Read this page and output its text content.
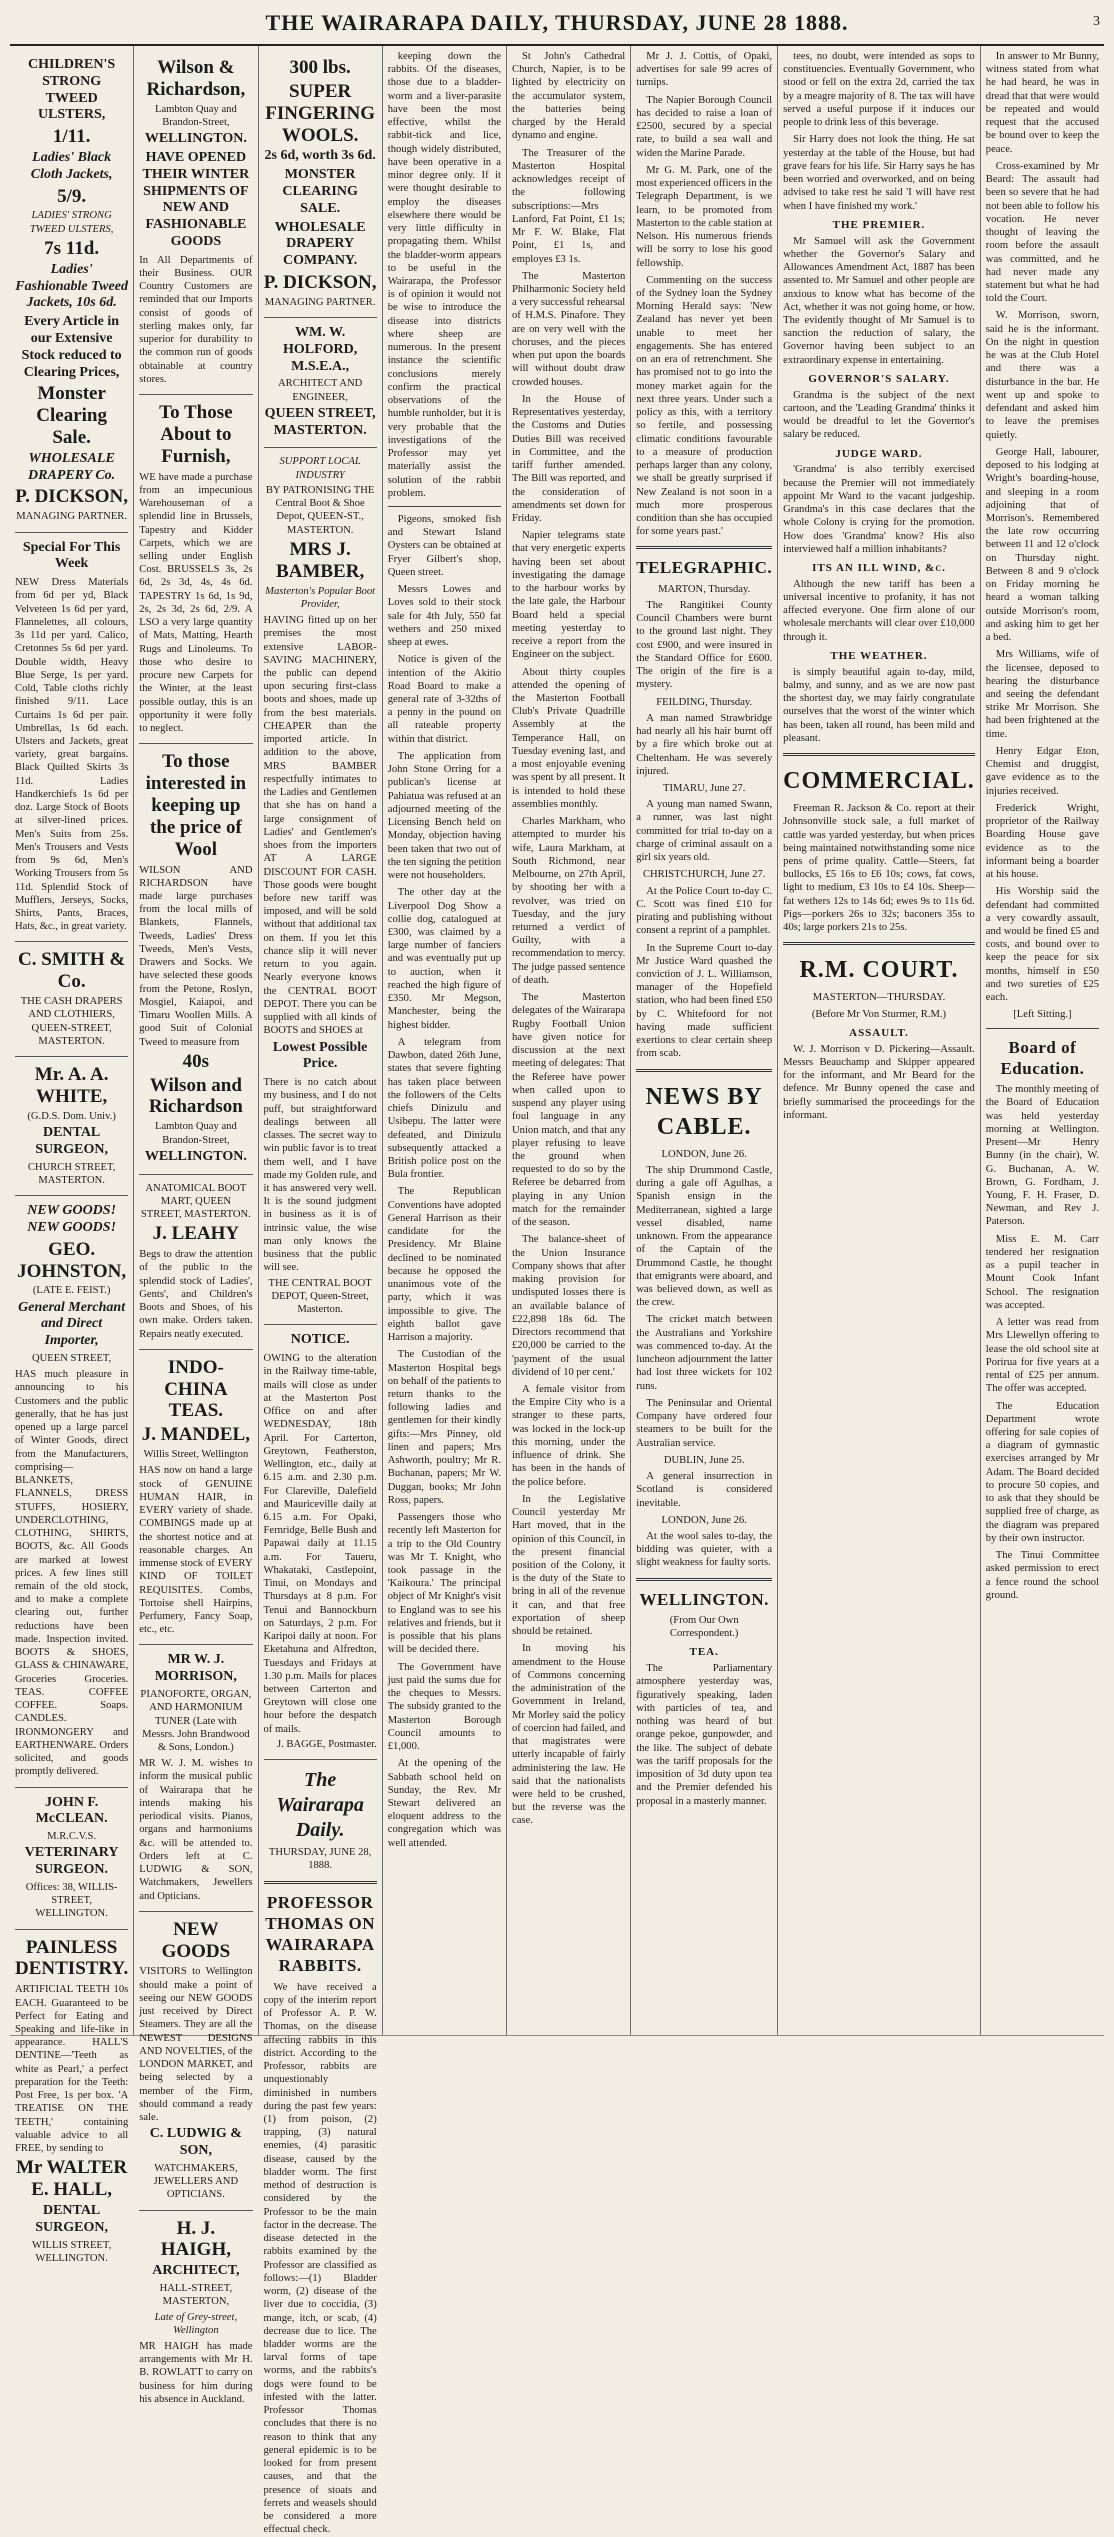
THE WAIRARAPA DAILY, THURSDAY, JUNE 28 1888.	3

CHILDREN'S STRONG TWEED ULSTERS,

1/11.

Ladies' Black Cloth Jackets,

5/9.

LADIES' STRONG TWEED ULSTERS,

7s 11d.

Ladies' Fashionable Tweed Jackets, 10s 6d.

Every Article in our Extensive Stock reduced to Clearing Prices,

Monster Clearing Sale.

WHOLESALE DRAPERY Co.

P. DICKSON,

MANAGING PARTNER.

Special For This Week

NEW Dress Materials from 6d per yd, Black Velveteen 1s 6d per yard, Flannelettes, all colours, 3s 11d per yard. Calico, Cretonnes 5s 6d per yard. Double width, Heavy Blue Serge, 1s per yard. Cold, Table cloths richly finished 9/11. Lace Curtains 1s 6d per pair. Umbrellas, 1s 6d each. Ulsters and Jackets, great variety, great bargains. Black Quilted Skirts 3s 11d. Ladies Handkerchiefs 1s 6d per doz. Large Stock of Boots at silver-lined prices. Men's Suits from 25s. Men's Trousers and Vests from 9s 6d, Men's Working Trousers from 5s 11d. Splendid Stock of Mufflers, Jerseys, Socks, Shirts, Pants, Braces, Hats, &c., in great variety.

C. SMITH & Co.

THE CASH DRAPERS AND CLOTHIERS, QUEEN-STREET, MASTERTON.

Mr. A. A. WHITE,

(G.D.S. Dom. Univ.)

DENTAL SURGEON,

CHURCH STREET, MASTERTON.

NEW GOODS! NEW GOODS!

GEO. JOHNSTON,

(LATE E. FEIST.)

General Merchant and Direct Importer,

QUEEN STREET,

HAS much pleasure in announcing to his Customers and the public generally, that he has just opened up a large parcel of Winter Goods, direct from the Manufacturers, comprising—BLANKETS, FLANNELS, DRESS STUFFS, HOSIERY, UNDERCLOTHING, CLOTHING, SHIRTS, BOOTS, &c. All Goods are marked at lowest prices. A few lines still remain of the old stock, and to make a complete clearing out, further reductions have been made. Inspection invited. BOOTS & SHOES, GLASS & CHINAWARE, Groceries Groceries. TEAS. COFFEE COFFEE. Soaps. CANDLES. IRONMONGERY and EARTHENWARE. Orders solicited, and goods promptly delivered.

JOHN F. McCLEAN.

M.R.C.V.S.

VETERINARY SURGEON.

Offices: 38, WILLIS-STREET, WELLINGTON.

PAINLESS DENTISTRY.

ARTIFICIAL TEETH 10s EACH. Guaranteed to be Perfect for Eating and Speaking and life-like in appearance. HALL'S DENTINE—'Teeth as white as Pearl,' a perfect preparation for the Teeth: Post Free, 1s per box. 'A TREATISE ON THE TEETH,' containing valuable advice to all FREE, by sending to

Mr WALTER E. HALL,

DENTAL SURGEON,

WILLIS STREET, WELLINGTON.

Wilson & Richardson,

Lambton Quay and Brandon-Street,

WELLINGTON.

HAVE OPENED THEIR WINTER SHIPMENTS OF NEW AND FASHIONABLE GOODS

In All Departments of their Business. OUR Country Customers are reminded that our Imports consist of goods of sterling makes only, far superior for durability to the common run of goods obtainable at country stores.

To Those About to Furnish,

WE have made a purchase from an impecunious Warehouseman of a splendid line in Brussels, Tapestry and Kidder Carpets, which we are selling under English Cost. BRUSSELS 3s, 2s 6d, 2s 3d, 4s, 4s 6d. TAPESTRY 1s 6d, 1s 9d, 2s, 2s 3d, 2s 6d, 2/9. A LSO a very large quantity of Mats, Matting, Hearth Rugs and Linoleums. To those who desire to procure new Carpets for the Winter, at the least possible outlay, this is an opportunity it were folly to neglect.

To those interested in keeping up the price of Wool

WILSON AND RICHARDSON have made large purchases from the local mills of Blankets, Flannels, Tweeds, Ladies' Dress Tweeds, Men's Vests, Drawers and Socks. We have selected these goods from the Petone, Roslyn, Mosgiel, Kaiapoi, and Timaru Woollen Mills. A good Suit of Colonial Tweed to measure from

40s

Wilson and Richardson

Lambton Quay and Brandon-Street,

WELLINGTON.

ANATOMICAL BOOT MART, QUEEN STREET, MASTERTON.

J. LEAHY

Begs to draw the attention of the public to the splendid stock of Ladies', Gents', and Children's Boots and Shoes, of his own make. Orders taken. Repairs neatly executed.

INDO-CHINA TEAS.

J. MANDEL,

Willis Street, Wellington

HAS now on hand a large stock of GENUINE HUMAN HAIR, in EVERY variety of shade. COMBINGS made up at the shortest notice and at reasonable charges. An immense stock of EVERY KIND OF TOILET REQUISITES. Combs, Tortoise shell Hairpins, Perfumery, Fancy Soap, etc., etc.

MR W. J. MORRISON,

PIANOFORTE, ORGAN, AND HARMONIUM TUNER (Late with Messrs. John Brandwood & Sons, London.)

MR W. J. M. wishes to inform the musical public of Wairarapa that he intends making his periodical visits. Pianos, organs and harmoniums &c. will be attended to. Orders left at C. LUDWIG & SON, Watchmakers, Jewellers and Opticians.

NEW GOODS

VISITORS to Wellington should make a point of seeing our NEW GOODS just received by Direct Steamers. They are all the NEWEST DESIGNS AND NOVELTIES, of the LONDON MARKET, and being selected by a member of the Firm, should command a ready sale.

C. LUDWIG & SON,

WATCHMAKERS, JEWELLERS AND OPTICIANS.

H. J. HAIGH,

ARCHITECT,

HALL-STREET, MASTERTON,

Late of Grey-street, Wellington

MR HAIGH has made arrangements with Mr H. B. ROWLATT to carry on business for him during his absence in Auckland.

300 lbs.

SUPER FINGERING WOOLS.

2s 6d, worth 3s 6d.

MONSTER CLEARING SALE.

WHOLESALE DRAPERY COMPANY.

P. DICKSON,

MANAGING PARTNER.

WM. W. HOLFORD, M.S.E.A.,

ARCHITECT AND ENGINEER,

QUEEN STREET, MASTERTON.

SUPPORT LOCAL INDUSTRY

BY PATRONISING THE Central Boot & Shoe Depot, QUEEN-ST., MASTERTON.

MRS J. BAMBER,

Masterton's Popular Boot Provider,

HAVING fitted up on her premises the most extensive LABOR-SAVING MACHINERY, the public can depend upon securing first-class boots and shoes, made up from the best materials. CHEAPER than the imported article. In addition to the above, MRS BAMBER respectfully intimates to the Ladies and Gentlemen that she has on hand a large consignment of Ladies' and Gentlemen's shoes from the importers AT A LARGE DISCOUNT FOR CASH. Those goods were bought before new tariff was imposed, and will be sold without that additional tax on them. If you let this chance slip it will never return to you again. Nearly everyone knows the CENTRAL BOOT DEPOT. There you can be supplied with all kinds of BOOTS and SHOES at

Lowest Possible Price.

There is no catch about my business, and I do not puff, but straightforward dealings between all classes. The secret way to win public favor is to treat them well, and I have made my Golden rule, and it has answered very well. It is the sound judgment in business as it is of intrinsic value, the wise man only knows the business that the public will see.

THE CENTRAL BOOT DEPOT, Queen-Street, Masterton.

NOTICE.

OWING to the alteration in the Railway time-table, mails will close as under at the Masterton Post Office on and after WEDNESDAY, 18th April. For Carterton, Greytown, Featherston, Wellington, etc., daily at 6.15 a.m. and 2.30 p.m. For Clareville, Dalefield and Mauriceville daily at 6.15 a.m. For Opaki, Fernridge, Belle Bush and Papawai daily at 11.15 a.m. For Taueru, Whakataki, Castlepoint, Tinui, on Mondays and Thursdays at 8 p.m. For Tenui and Bannockburn on Saturdays, 2 p.m. For Karipoi daily at noon. For Eketahuna and Alfredton, Tuesdays and Fridays at 1.30 p.m. Mails for places between Carterton and Greytown will close one hour before the despatch of mails.

J. BAGGE, Postmaster.

The Wairarapa Daily.
THURSDAY, JUNE 28, 1888.
PROFESSOR THOMAS ON WAIRARAPA RABBITS.

We have received a copy of the interim report of Professor A. P. W. Thomas, on the disease affecting rabbits in this district. According to the Professor, rabbits are unquestionably diminished in numbers during the past few years: (1) from poison, (2) trapping, (3) natural enemies, (4) parasitic disease, caused by the bladder worm. The first method of destruction is considered by the Professor to be the main factor in the decrease. The disease detected in the rabbits examined by the Professor are classified as follows:—(1) Bladder worm, (2) disease of the liver due to coccidia, (3) mange, itch, or scab, (4) decrease due to lice. The bladder worms are the larval forms of tape worms, and the rabbits's dogs were found to be infested with the latter. Professor Thomas concludes that there is no reason to think that any general epidemic is to be looked for from present causes, and that the presence of stoats and ferrets and weasels should be considered a more effectual check.

keeping down the rabbits. Of the diseases, those due to a bladder-worm and a liver-parasite have been the most effective, whilst the rabbit-tick and lice, though widely distributed, have been operative in a minor degree only. If it were thought desirable to employ the diseases elsewhere there would be very little difficulty in propagating them. Whilst the bladder-worm appears to be useful in the Wairarapa, the Professor is of opinion it would not be wise to introduce the disease into districts where sheep are numerous. In the present instance the scientific conclusions merely confirm the practical observations of the humble runholder, but it is very probable that the investigations of the Professor may yet materially assist the solution of the rabbit problem.

Pigeons, smoked fish and Stewart Island Oysters can be obtained at Fryer Gilbert's shop, Queen street.

Messrs Lowes and Loves sold to their stock sale for 4th July, 550 fat wethers and 250 mixed sheep at ewes.

Notice is given of the intention of the Akitio Road Board to make a general rate of 3-32ths of a penny in the pound on all rateable property within that district.

The application from John Stone Orring for a publican's license at Pahiatua was refused at an adjourned meeting of the Licensing Bench held on Monday, objection having been taken that two out of the ten signing the petition were not householders.

The other day at the Liverpool Dog Show a collie dog, catalogued at £300, was claimed by a large number of fanciers and was eventually put up to auction, when it reached the high figure of £350. Mr Megson, Manchester, being the highest bidder.

A telegram from Dawbon, dated 26th June, states that severe fighting has taken place between the followers of the Celts chiefs Dinizulu and Usibepu. The latter were defeated, and Dinizulu subsequently attacked a British police post on the Bula frontier.

The Republican Conventions have adopted General Harrison as their candidate for the Presidency. Mr Blaine declined to be nominated because he opposed the unanimous vote of the party, which it was impossible to give. The eighth ballot gave Harrison a majority.

The Custodian of the Masterton Hospital begs on behalf of the patients to return thanks to the following ladies and gentlemen for their kindly gifts:—Mrs Pinney, old linen and papers; Mrs Ashworth, poultry; Mr R. Buchanan, papers; Mr W. Duggan, books; Mr John Ross, papers.

Passengers those who recently left Masterton for a trip to the Old Country was Mr T. Knight, who took passage in the 'Kaikoura.' The principal object of Mr Knight's visit to England was to see his relatives and friends, but it is possible that his plans will be decided there.

The Government have just paid the sums due for the cheques to Messrs. The subsidy granted to the Masterton Borough Council amounts to £1,000.

At the opening of the Sabbath school held on Sunday, the Rev. Mr Stewart delivered an eloquent address to the congregation which was well attended.

St John's Cathedral Church, Napier, is to be lighted by electricity on the accumulator system, the batteries being charged by the Herald dynamo and engine.

The Treasurer of the Masterton Hospital acknowledges receipt of the following subscriptions:—Mrs Lanford, Fat Point, £1 1s; Mr F. W. Blake, Flat Point, £1 1s, and employes £3 1s.

The Masterton Philharmonic Society held a very successful rehearsal of H.M.S. Pinafore. They are on very well with the choruses, and the pieces when put upon the boards will without doubt draw crowded houses.

In the House of Representatives yesterday, the Customs and Duties Duties Bill was received in Committee, and the tariff further amended. The Bill was reported, and the consideration of amendments set down for Friday.

Napier telegrams state that very energetic experts having been set about investigating the damage to the harbour works by the late gale, the Harbour Board held a special meeting yesterday to receive a report from the Engineer on the subject.

About thirty couples attended the opening of the Masterton Football Club's Private Quadrille Assembly at the Temperance Hall, on Tuesday evening last, and a most enjoyable evening was spent by all present. It is intended to hold these assemblies monthly.

Charles Markham, who attempted to murder his wife, Laura Markham, at South Richmond, near Melbourne, on 27th April, by shooting her with a revolver, was tried on Tuesday, and the jury returned a verdict of Guilty, with a recommendation to mercy. The judge passed sentence of death.

The Masterton delegates of the Wairarapa Rugby Football Union have given notice for discussion at the next meeting of delegates: That the Referee have power when called upon to suspend any player using foul language in any Union match, and that any player refusing to leave the ground when requested to do so by the Referee be debarred from playing in any Union match for the remainder of the season.

The balance-sheet of the Union Insurance Company shows that after making provision for undisputed losses there is an available balance of £22,898 18s 6d. The Directors recommend that £20,000 be carried to the 'payment of the usual dividend of 10 per cent.'

A female visitor from the Empire City who is a stranger to these parts, was locked in the lock-up this morning, under the influence of drink. She has been in the hands of the police before.

In the Legislative Council yesterday Mr Hart moved, that in the opinion of this Council, in the present financial position of the Colony, it is the duty of the State to bring in all of the revenue it can, and that free exportation of sheep should be retained.

In moving his amendment to the House of Commons concerning the administration of the Government in Ireland, Mr Morley said the policy of coercion had failed, and that magistrates were utterly incapable of fairly administering the law. He said that the nationalists were held to be crushed, but the reverse was the case.

Mr J. J. Cottis, of Opaki, advertises for sale 99 acres of turnips.

The Napier Borough Council has decided to raise a loan of £2500, secured by a special rate, to build a sea wall and widen the Marine Parade.

Mr G. M. Park, one of the most experienced officers in the Telegraph Department, is we learn, to be promoted from Masterton to the cable station at Nelson. His numerous friends will be sorry to lose his good fellowship.

Commenting on the success of the Sydney loan the Sydney Morning Herald says: 'New Zealand has never yet been unable to meet her engagements. She has entered on an era of retrenchment. She has promised not to go into the money market again for the next three years. Under such a policy as this, with a territory so fertile, and possessing climatic conditions favourable to a measure of production perhaps larger than any colony, we shall be greatly surprised if New Zealand is not soon in a much more prosperous condition than she has occupied for some years past.'

TELEGRAPHIC.
MARTON, Thursday.

The Rangitikei County Council Chambers were burnt to the ground last night. They cost £900, and were insured in the Standard Office for £600. The origin of the fire is a mystery.

FEILDING, Thursday.

A man named Strawbridge had nearly all his hair burnt off by a fire which broke out at Cheltenham. He was severely injured.

TIMARU, June 27.

A young man named Swann, a runner, was last night committed for trial to-day on a charge of criminal assault on a girl six years old.

CHRISTCHURCH, June 27.

At the Police Court to-day C. C. Scott was fined £10 for pirating and publishing without consent a reprint of a pamphlet.

In the Supreme Court to-day Mr Justice Ward quashed the conviction of J. L. Williamson, manager of the Hopefield station, who had been fined £50 by C. Whitefoord for not having made sufficient exertions to clear certain sheep from scab.

NEWS BY CABLE.
LONDON, June 26.

The ship Drummond Castle, during a gale off Agulhas, a Spanish ensign in the Mediterranean, sighted a large vessel disabled, name unknown. From the appearance of the Captain of the Drummond Castle, he thought that emigrants were aboard, and was believed down, as well as the crew.

The cricket match between the Australians and Yorkshire was commenced to-day. At the luncheon adjournment the latter had lost three wickets for 102 runs.

The Peninsular and Oriental Company have ordered four steamers to be built for the Australian service.

DUBLIN, June 25.

A general insurrection in Scotland is considered inevitable.

LONDON, June 26.

At the wool sales to-day, the bidding was quieter, with a slight weakness for faulty sorts.

WELLINGTON.
(From Our Own Correspondent.)
TEA.

The Parliamentary atmosphere yesterday was, figuratively speaking, laden with particles of tea, and nothing was heard of but orange pekoe, gunpowder, and the like. The subject of debate was the tariff proposals for the imposition of 3d duty upon tea and the Premier defended his proposal in a masterly manner.

tees, no doubt, were intended as sops to constituencies. Eventually Government, who stood or fell on the extra 2d, carried the tax by a meagre majority of 8. The tax will have served a useful purpose if it induces our people to drink less of this beverage.

Sir Harry does not look the thing. He sat yesterday at the table of the House, but had grave fears for his life. Sir Harry says he has been worried and overworked, and on being advised to take rest he said 'I will have rest when I have finished my work.'

THE PREMIER.

Mr Samuel will ask the Government whether the Governor's Salary and Allowances Amendment Act, 1887 has been assented to. Mr Samuel and other people are anxious to know what has become of the Act, whether it was not going home, or how. The evidently thought of Mr Samuel is to sanction the reduction of salary, the Governor having been subject to an extraordinary expense in entertaining.

GOVERNOR'S SALARY.

Grandma is the subject of the next cartoon, and the 'Leading Grandma' thinks it would be dreadful to let the Governor's salary be reduced.

JUDGE WARD.

'Grandma' is also terribly exercised because the Premier will not immediately appoint Mr Ward to the vacant judgeship. Grandma's in this case declares that the whole Colony is crying for the promotion. How does 'Grandma' know? His also interviewed half a million inhabitants?

ITS AN ILL WIND, &c.

Although the new tariff has been a universal incentive to profanity, it has not affected everyone. One firm alone of our wholesale merchants will clear over £10,000 through it.

THE WEATHER.

is simply beautiful again to-day, mild, balmy, and sunny, and as we are now past the shortest day, we may fairly congratulate ourselves that the worst of the winter which has been, taken all round, has been mild and pleasant.

COMMERCIAL.

Freeman R. Jackson & Co. report at their Johnsonville stock sale, a full market of cattle was yarded yesterday, but when prices being maintained notwithstanding some nice pens of prime quality. Cattle—Steers, fat bullocks, £5 16s to £6 10s; cows, fat cows, light to medium, £3 10s to £4 10s. Sheep—fat wethers 12s to 14s 6d; ewes 9s to 11s 6d. Pigs—porkers 26s to 32s; baconers 35s to 40s; large porkers 21s to 25s.

R.M. COURT.
MASTERTON—THURSDAY.
(Before Mr Von Sturmer, R.M.)
ASSAULT.

W. J. Morrison v D. Pickering—Assault. Messrs Beauchamp and Skipper appeared for the informant, and Mr Beard for the defence. Mr Bunny opened the case and briefly summarised the proceedings for the informant.

In answer to Mr Bunny, witness stated from what he had heard, he was in dread that that were would be repeated and would request that the accused be bound over to keep the peace.

Cross-examined by Mr Beard: The assault had been so severe that he had not been able to follow his vocation. He never thought of leaving the room before the assault was committed, and he had never made any statement but what he had told the Court.

W. Morrison, sworn, said he is the informant. On the night in question he was at the Club Hotel and there was a disturbance in the bar. He went up and spoke to defendant and asked him to leave the premises quietly.

George Hall, labourer, deposed to his lodging at Wright's boarding-house, and sleeping in a room adjoining that of Morrison's. Remembered the late row occurring between 11 and 12 o'clock on Thursday night. Between 8 and 9 o'clock on Friday morning he heard a woman talking outside Morrison's room, and asking him to get her a bed.

Mrs Williams, wife of the licensee, deposed to hearing the disturbance and seeing the defendant strike Mr Morrison. She had been frightened at the time.

Henry Edgar Eton, Chemist and druggist, gave evidence as to the injuries received.

Frederick Wright, proprietor of the Railway Boarding House gave evidence as to the informant being a boarder at his house.

His Worship said the defendant had committed a very cowardly assault, and would be fined £5 and costs, and bound over to keep the peace for six months, himself in £50 and two sureties of £25 each.

[Left Sitting.]
Board of Education.

The monthly meeting of the Board of Education was held yesterday morning at Wellington. Present—Mr Henry Bunny (in the chair), W. G. Buchanan, A. W. Brown, G. Fordham, J. Young, F. H. Fraser, D. Newman, and Rev J. Paterson.

Miss E. M. Carr tendered her resignation as a pupil teacher in Mount Cook Infant School. The resignation was accepted.

A letter was read from Mrs Llewellyn offering to lease the old school site at Porirua for five years at a rental of £25 per annum. The offer was accepted.

The Education Department wrote offering for sale copies of a diagram of gymnastic exercises arranged by Mr Adam. The Board decided to procure 50 copies, and to ask that they should be supplied free of charge, as the diagram was prepared by their own instructor.

The Tinui Committee asked permission to erect a fence round the school ground.
